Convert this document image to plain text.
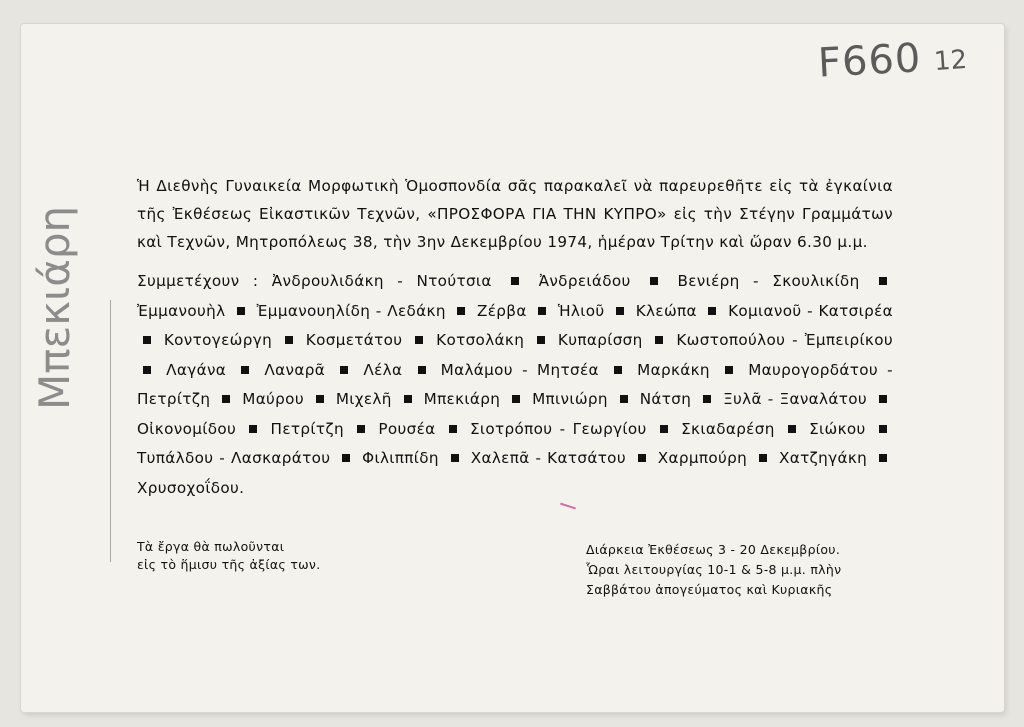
F660 12
Μπεκιάρη

Ἡ Διεθνὴς Γυναικεία Μορφωτικὴ Ὁμοσπονδία σᾶς παρακαλεῖ νὰ παρευρεθῆτε εἰς τὰ ἐγκαίνια τῆς Ἐκθέσεως Εἰκαστικῶν Τεχνῶν, «ΠΡΟΣΦΟΡΑ ΓΙΑ ΤΗΝ ΚΥΠΡΟ» εἰς τὴν Στέγην Γραμμάτων καὶ Τεχνῶν, Μητροπόλεως 38, τὴν 3ην Δεκεμβρίου 1974, ἡμέραν Τρίτην καὶ ὥραν 6.30 μ.μ.

Συμμετέχουν : Ἀνδρουλιδάκη - Ντούτσια	Ἀνδρειάδου	Βενιέρη - Σκουλικίδη  Ἐμμανουὴλ Ἐμμανουηλίδη - Λεδάκη Ζέρβα Ἡλιοῦ Κλεώπα Κομιανοῦ - Κατσιρέα  Κοντογεώργη Κοσμετάτου Κοτσολάκη Κυπαρίσση Κωστοπούλου - Ἐμπειρίκου  Λαγάνα	Λαναρᾶ	Λέλα	Μαλάμου - Μητσέα	Μαρκάκη	Μαυρογορδάτου - Πετρίτζη Μαύρου Μιχελῆ Μπεκιάρη Μπινιώρη Νάτση Ξυλᾶ - Ξαναλάτου  Οἰκονομίδου Πετρίτζη Ρουσέα Σιοτρόπου - Γεωργίου Σκιαδαρέση Σιώκου  Τυπάλδου - Λασκαράτου Φιλιππίδη Χαλεπᾶ - Κατσάτου Χαρμπούρη Χατζηγάκη  Χρυσοχοΐδου.
Τὰ ἔργα θὰ πωλοῦνται
εἰς τὸ ἥμισυ τῆς ἀξίας των.
Διάρκεια Ἐκθέσεως 3 - 20 Δεκεμβρίου.
Ὧραι λειτουργίας 10-1 & 5-8 μ.μ. πλὴν
Σαββάτου ἀπογεύματος καὶ Κυριακῆς
